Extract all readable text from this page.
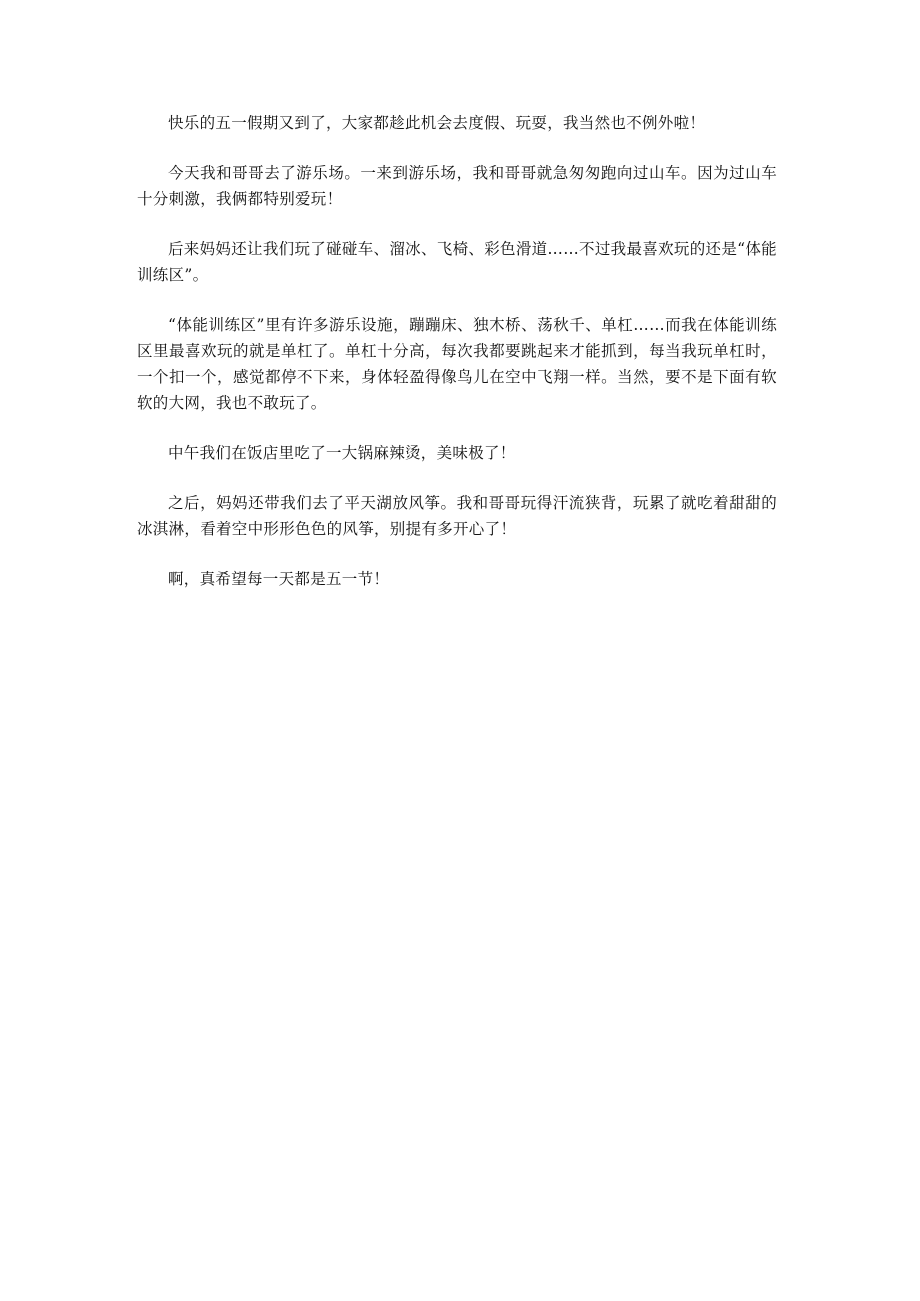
快乐的五一假期又到了，大家都趁此机会去度假、玩耍，我当然也不例外啦！

今天我和哥哥去了游乐场。一来到游乐场，我和哥哥就急匆匆跑向过山车。因为过山车十分刺激，我俩都特别爱玩！

后来妈妈还让我们玩了碰碰车、溜冰、飞椅、彩色滑道……不过我最喜欢玩的还是“体能训练区”。

“体能训练区”里有许多游乐设施，蹦蹦床、独木桥、荡秋千、单杠……而我在体能训练区里最喜欢玩的就是单杠了。单杠十分高，每次我都要跳起来才能抓到，每当我玩单杠时，一个扣一个，感觉都停不下来，身体轻盈得像鸟儿在空中飞翔一样。当然，要不是下面有软软的大网，我也不敢玩了。

中午我们在饭店里吃了一大锅麻辣烫，美味极了！

之后，妈妈还带我们去了平天湖放风筝。我和哥哥玩得汗流狭背，玩累了就吃着甜甜的冰淇淋，看着空中形形色色的风筝，别提有多开心了！

啊，真希望每一天都是五一节！
